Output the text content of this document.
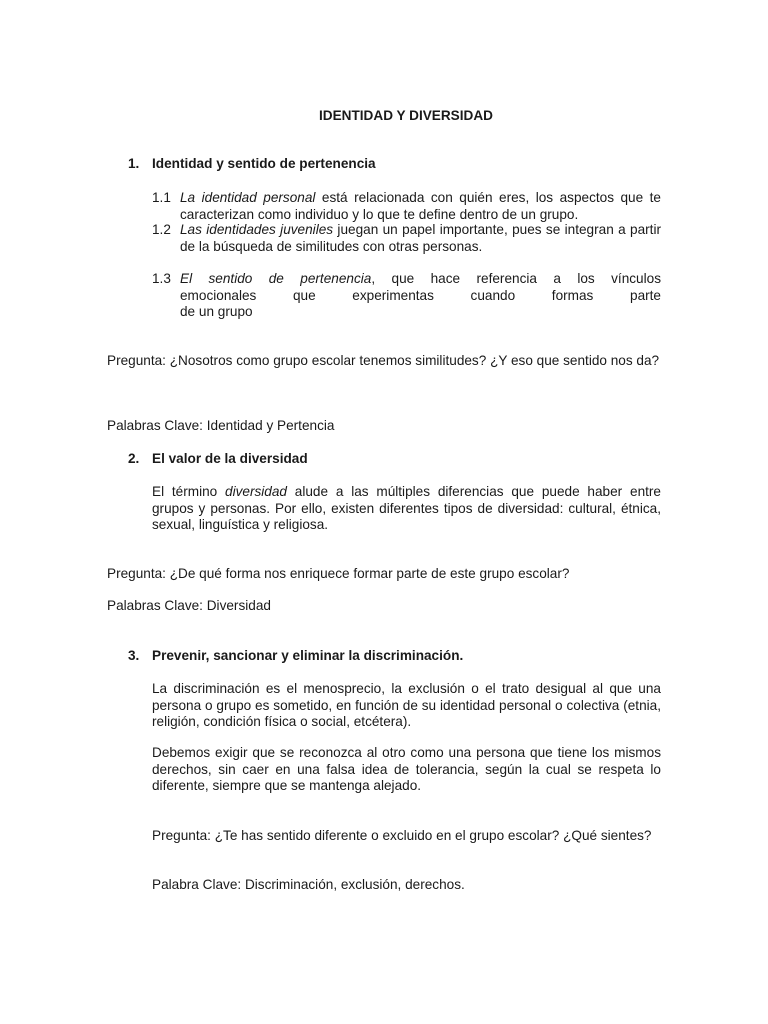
IDENTIDAD Y DIVERSIDAD
1. Identidad y sentido de pertenencia
1.1 La identidad personal está relacionada con quién eres, los aspectos que te caracterizan como individuo y lo que te define dentro de un grupo.
1.2 Las identidades juveniles juegan un papel importante, pues se integran a partir de la búsqueda de similitudes con otras personas.
1.3 El sentido de pertenencia, que hace referencia a los vínculos
emocionales que experimentas cuando formas parte
de un grupo
Pregunta: ¿Nosotros como grupo escolar tenemos similitudes? ¿Y eso que sentido nos da?
Palabras Clave: Identidad y Pertencia
2. El valor de la diversidad
El término diversidad alude a las múltiples diferencias que puede haber entre grupos y personas. Por ello, existen diferentes tipos de diversidad: cultural, étnica, sexual, linguística y religiosa.
Pregunta: ¿De qué forma nos enriquece formar parte de este grupo escolar?
Palabras Clave: Diversidad
3. Prevenir, sancionar y eliminar la discriminación.
La discriminación es el menosprecio, la exclusión o el trato desigual al que una persona o grupo es sometido, en función de su identidad personal o colectiva (etnia, religión, condición física o social, etcétera).
Debemos exigir que se reconozca al otro como una persona que tiene los mismos derechos, sin caer en una falsa idea de tolerancia, según la cual se respeta lo diferente, siempre que se mantenga alejado.
Pregunta: ¿Te has sentido diferente o excluido en el grupo escolar? ¿Qué sientes?
Palabra Clave: Discriminación, exclusión, derechos.
